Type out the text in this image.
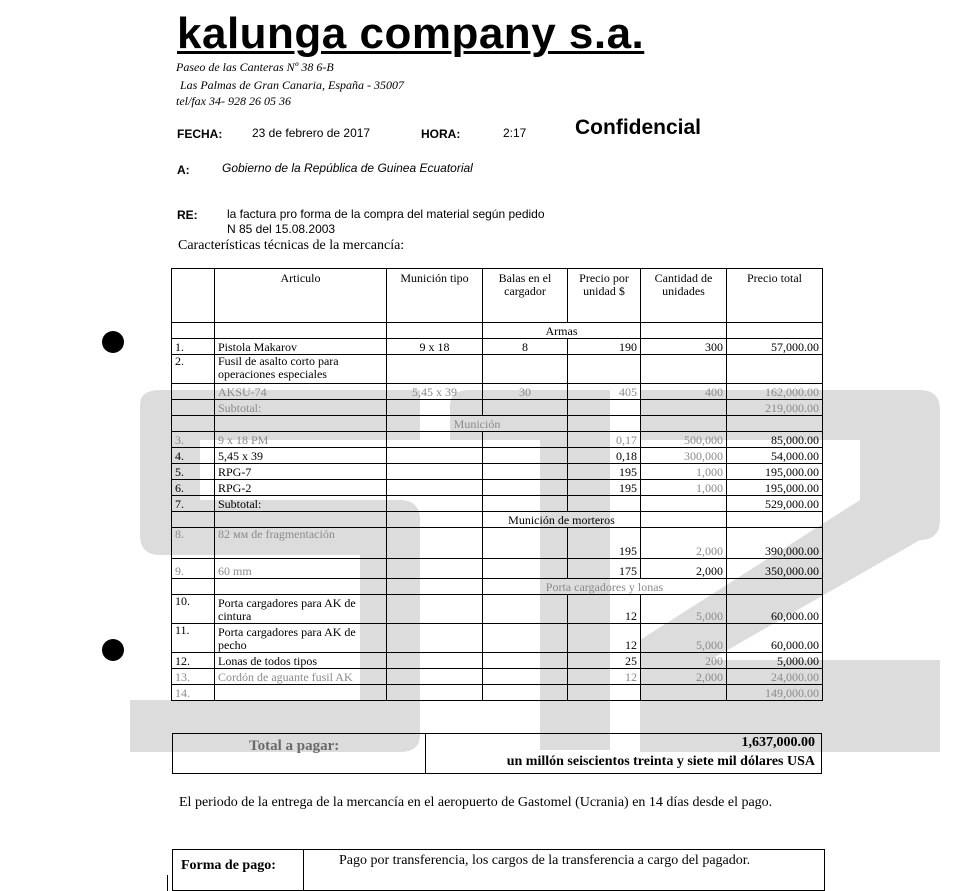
kalunga company s.a.
Paseo de las Canteras Nº 38 6-B
Las Palmas de Gran Canaria, España - 35007
tel/fax 34- 928 26 05 36
FECHA: 23 de febrero de 2017	HORA:	2:17 Confidencial
A:	Gobierno de la República de Guinea Ecuatorial
RE: la factura pro forma de la compra del material según pedido
N 85 del 15.08.2003
Características técnicas de la mercancía:
	Articulo	Munición tipo	Balas en el cargador	Precio por unidad $	Cantidad de unidades	Precio total
			Armas			
1.	Pistola Makarov	9 x 18	8	190	300	57,000.00
2.	Fusil de asalto corto para operaciones especiales					
	AKSU-74	5,45 x 39	30	405	400	162,000.00
	Subtotal:					219,000.00
		Munición				
3.	9 x 18 PM			0,17	500,000	85,000.00
4.	5,45 x 39			0,18	300,000	54,000.00
5.	RPG-7			195	1,000	195,000.00
6.	RPG-2			195	1,000	195,000.00
7.	Subtotal:					529,000.00
			Munición de morteros			
8.	82 мм de fragmentación			195	2,000	390,000.00
9.	60 mm			175	2,000	350,000.00
			Porta cargadores y lonas			
10.	Porta cargadores para AK de cintura			12	5,000	60,000.00
11.	Porta cargadores para AK de pecho			12	5,000	60,000.00
12.	Lonas de todos tipos			25	200	5,000.00
13.	Cordón de aguante fusil AK			12	2,000	24,000.00
14.						149,000.00
Total a pagar:	1,637,000.00
un millón seiscientos treinta y siete mil dólares USA
El periodo de la entrega de la mercancía en el aeropuerto de Gastomel (Ucrania) en 14 días desde el pago.
Forma de pago:	Pago por transferencia, los cargos de la transferencia a cargo del pagador.
